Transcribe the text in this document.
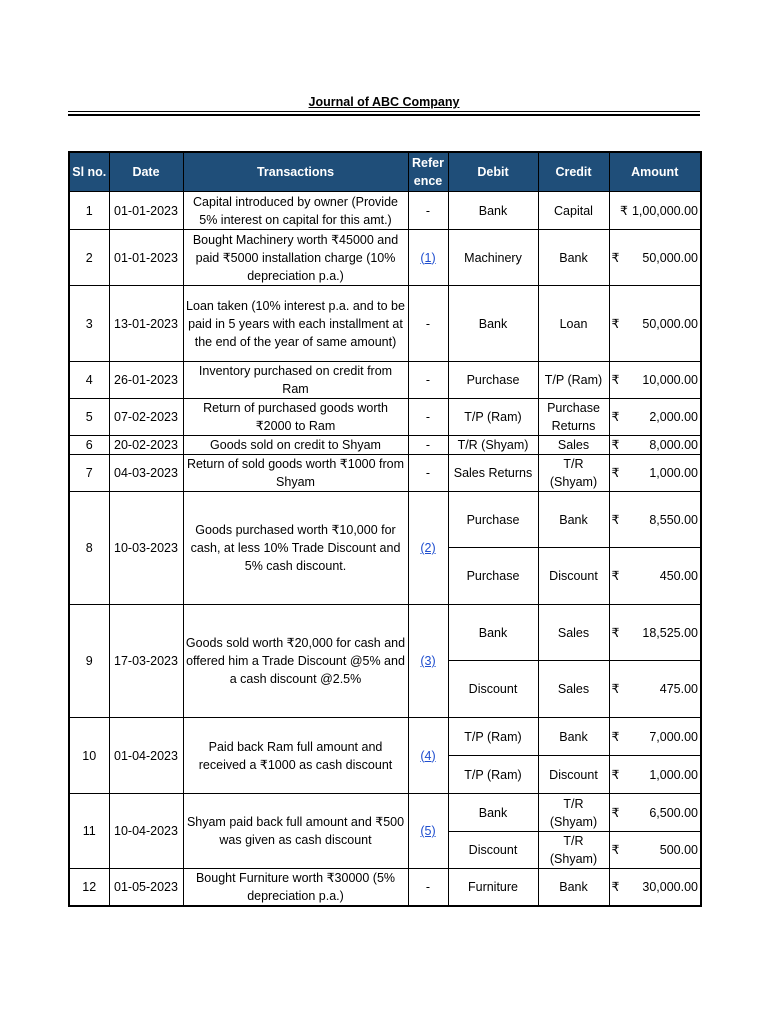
Journal of ABC Company
Sl no.	Date	Transactions	Refer ence	Debit	Credit	Amount
1	01-01-2023	Capital introduced by owner (Provide 5% interest on capital for this amt.)	-	Bank	Capital	₹ 1,00,000.00

2	01-01-2023	Bought Machinery worth ₹45000 and paid ₹5000 installation charge (10% depreciation p.a.)	(1)	Machinery	Bank	₹ 50,000.00

3	13-01-2023	Loan taken (10% interest p.a. and to be paid in 5 years with each installment at the end of the year of same amount)	-	Bank	Loan	₹ 50,000.00

4	26-01-2023	Inventory purchased on credit from Ram	-	Purchase	T/P (Ram)	₹ 10,000.00

5	07-02-2023	Return of purchased goods worth ₹2000 to Ram	-	T/P (Ram)	Purchase Returns	₹ 2,000.00

6	20-02-2023	Goods sold on credit to Shyam	-	T/R (Shyam)	Sales	₹ 8,000.00

7	04-03-2023	Return of sold goods worth ₹1000 from Shyam	-	Sales Returns	T/R (Shyam)	₹ 1,000.00

8	10-03-2023	Goods purchased worth ₹10,000 for cash, at less 10% Trade Discount and 5% cash discount.	(2)	Purchase	Bank	₹ 8,550.00

				Purchase	Discount	₹ 450.00

9	17-03-2023	Goods sold worth ₹20,000 for cash and offered him a Trade Discount @5% and a cash discount @2.5%	(3)	Bank	Sales	₹ 18,525.00

				Discount	Sales	₹ 475.00

10	01-04-2023	Paid back Ram full amount and received a ₹1000 as cash discount	(4)	T/P (Ram)	Bank	₹ 7,000.00

				T/P (Ram)	Discount	₹ 1,000.00

11	10-04-2023	Shyam paid back full amount and ₹500 was given as cash discount	(5)	Bank	T/R (Shyam)	₹ 6,500.00

				Discount	T/R (Shyam)	₹ 500.00

12	01-05-2023	Bought Furniture worth ₹30000 (5% depreciation p.a.)	-	Furniture	Bank	₹ 30,000.00
